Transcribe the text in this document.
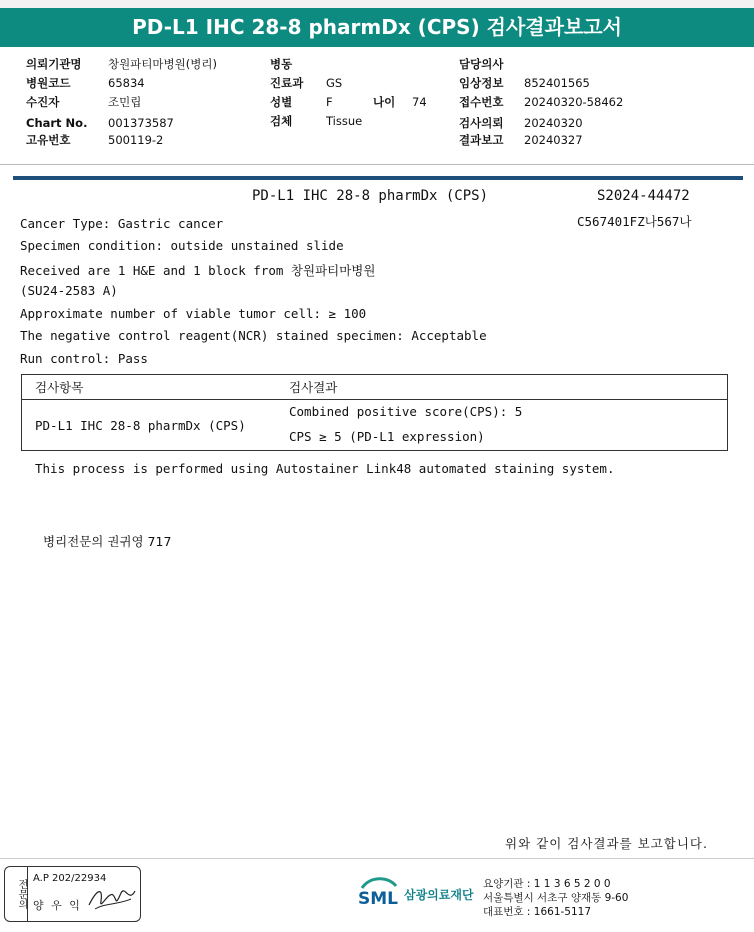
PD-L1 IHC 28-8 pharmDx (CPS) 검사결과보고서
의뢰기관명 창원파티마병원(병리)
병원코드	65834
수진자	조민립
Chart No. 001373587
고유번호	500119-2
병동
진료과 GS
성별	F	나이 74
검체	Tissue
담당의사
임상정보 852401565
접수번호 20240320-58462
검사의뢰 20240320
결과보고 20240327
PD-L1 IHC 28-8 pharmDx (CPS)	S2024-44472
C567401FZ나567나
Cancer Type: Gastric cancer
Specimen condition: outside unstained slide
Received are 1 H&E and 1 block from 창원파티마병원
(SU24-2583 A)
Approximate number of viable tumor cell: ≥ 100
The negative control reagent(NCR) stained specimen: Acceptable
Run control: Pass
검사항목	검사결과
PD-L1 IHC 28-8 pharmDx (CPS)	Combined positive score(CPS): 5
CPS ≥ 5 (PD-L1 expression)
This process is performed using Autostainer Link48 automated staining system.
병리전문의 권귀영 717
위와 같이 검사결과를 보고합니다.
전문의
A.P 202/22934
양 우 익	SML 삼광의료재단
요양기관 : 1 1 3 6 5 2 0 0
서울특별시 서초구 양재동 9-60
대표번호 : 1661-5117
